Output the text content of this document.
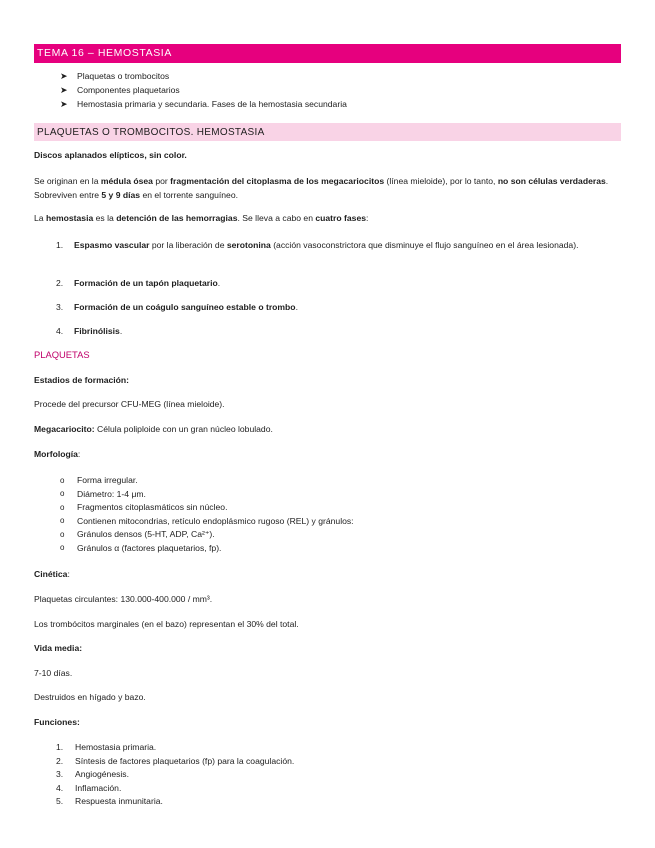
TEMA 16 – HEMOSTASIA
➤	Plaquetas o trombocitos
➤	Componentes plaquetarios
➤	Hemostasia primaria y secundaria. Fases de la hemostasia secundaria
PLAQUETAS O TROMBOCITOS. HEMOSTASIA

Discos aplanados elípticos, sin color.

Se originan en la médula ósea por fragmentación del citoplasma de los megacariocitos (línea mieloide), por lo tanto, no son células verdaderas. Sobreviven entre 5 y 9 días en el torrente sanguíneo.

La hemostasia es la detención de las hemorragias. Se lleva a cabo en cuatro fases:

1.	Espasmo vascular por la liberación de serotonina (acción vasoconstrictora que disminuye el flujo sanguíneo en el área lesionada).
2.	Formación de un tapón plaquetario.
3.	Formación de un coágulo sanguíneo estable o trombo.
4.	Fibrinólisis.

PLAQUETAS

Estadios de formación:

Procede del precursor CFU-MEG (línea mieloide).

Megacariocito: Célula poliploide con un gran núcleo lobulado.

Morfología:

o	Forma irregular.
o	Diámetro: 1-4 μm.
o	Fragmentos citoplasmáticos sin núcleo.
o	Contienen mitocondrias, retículo endoplásmico rugoso (REL) y gránulos:
o	Gránulos densos (5-HT, ADP, Ca²⁺).
o	Gránulos α (factores plaquetarios, fp).

Cinética:

Plaquetas circulantes: 130.000-400.000 / mm³.

Los trombócitos marginales (en el bazo) representan el 30% del total.

Vida media:

7-10 días.

Destruidos en hígado y bazo.

Funciones:

1.	Hemostasia primaria.
2.	Síntesis de factores plaquetarios (fp) para la coagulación.
3.	Angiogénesis.
4.	Inflamación.
5.	Respuesta inmunitaria.
